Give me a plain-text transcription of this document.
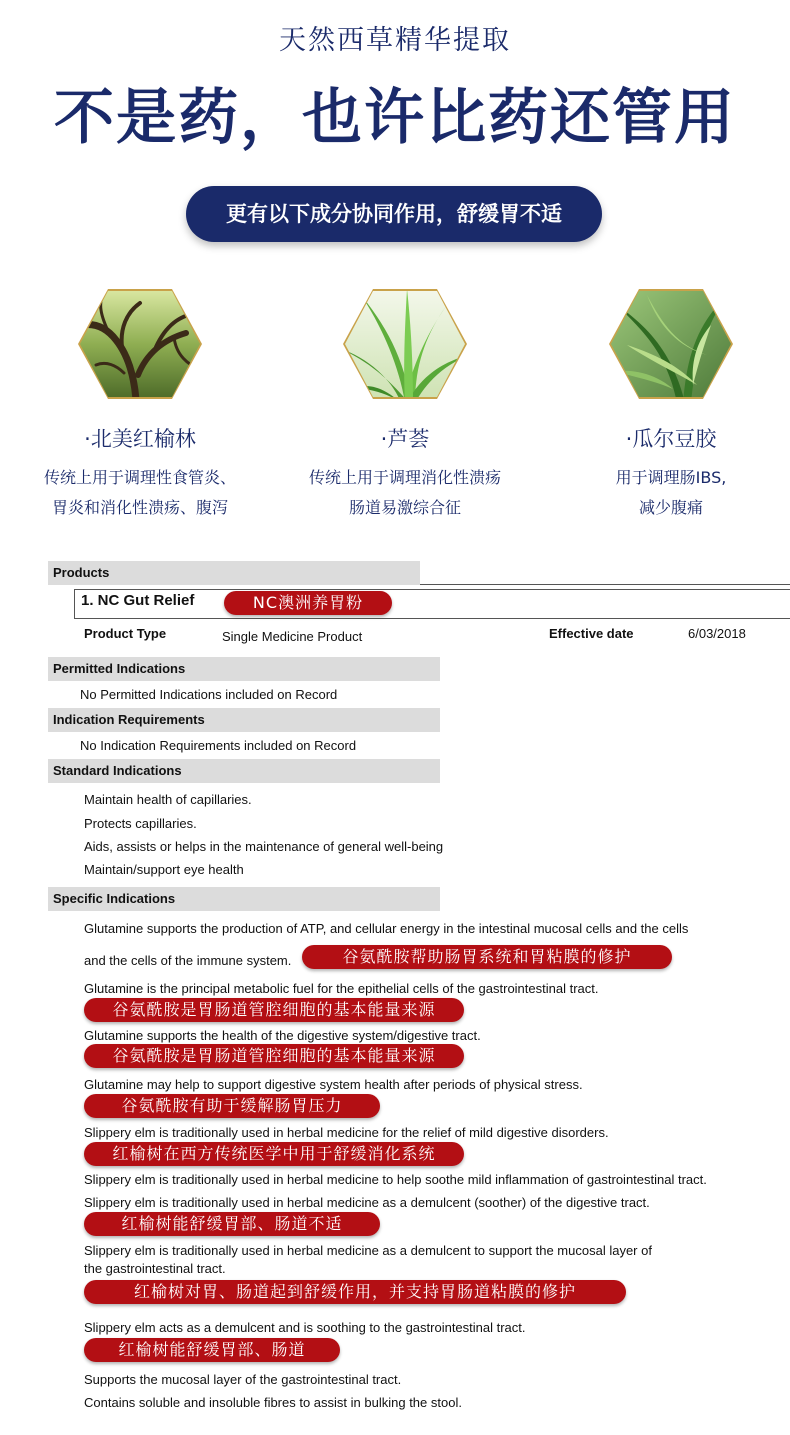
天然西草精华提取
不是药，也许比药还管用
更有以下成分协同作用，舒缓胃不适
·北美红榆林
传统上用于调理性食管炎、
胃炎和消化性溃疡、腹泻
·芦荟
传统上用于调理消化性溃疡
肠道易激综合征
·瓜尔豆胶
用于调理肠IBS,
减少腹痛
Products
1. NC Gut Relief	NC澳洲养胃粉
Product Type	Single Medicine Product	Effective date	6/03/2018
Permitted Indications
No Permitted Indications included on Record
Indication Requirements
No Indication Requirements included on Record
Standard Indications
Maintain health of capillaries.
Protects capillaries.
Aids, assists or helps in the maintenance of general well-being
Maintain/support eye health
Specific Indications
Glutamine supports the production of ATP, and cellular energy in the intestinal mucosal cells and the cells
and the cells of the immune system.	谷氨酰胺帮助肠胃系统和胃粘膜的修护
Glutamine is the principal metabolic fuel for the epithelial cells of the gastrointestinal tract.
谷氨酰胺是胃肠道管腔细胞的基本能量来源
Glutamine supports the health of the digestive system/digestive tract.
谷氨酰胺是胃肠道管腔细胞的基本能量来源
Glutamine may help to support digestive system health after periods of physical stress.
谷氨酰胺有助于缓解肠胃压力
Slippery elm is traditionally used in herbal medicine for the relief of mild digestive disorders.
红榆树在西方传统医学中用于舒缓消化系统
Slippery elm is traditionally used in herbal medicine to help soothe mild inflammation of gastrointestinal tract.
Slippery elm is traditionally used in herbal medicine as a demulcent (soother) of the digestive tract.
红榆树能舒缓胃部、肠道不适
Slippery elm is traditionally used in herbal medicine as a demulcent to support the mucosal layer of
the gastrointestinal tract.
红榆树对胃、肠道起到舒缓作用，并支持胃肠道粘膜的修护
Slippery elm acts as a demulcent and is soothing to the gastrointestinal tract.
红榆树能舒缓胃部、肠道
Supports the mucosal layer of the gastrointestinal tract.
Contains soluble and insoluble fibres to assist in bulking the stool.
